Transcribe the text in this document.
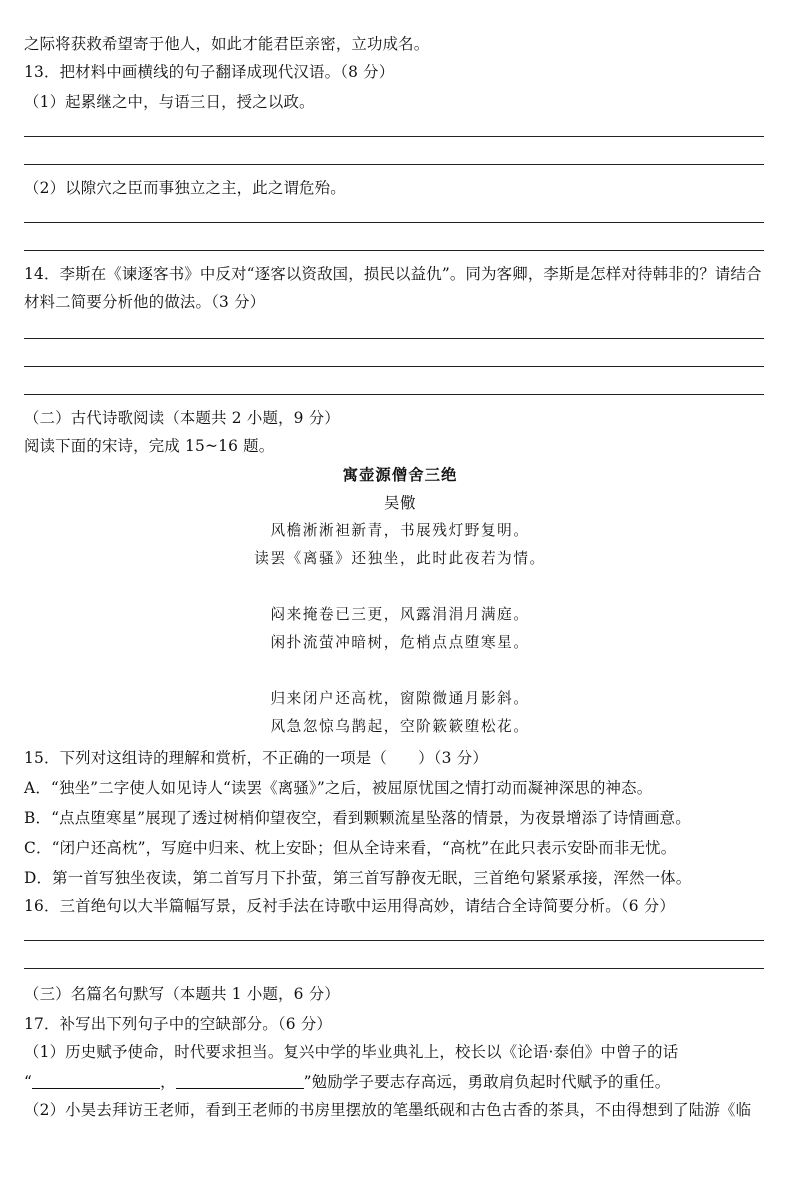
之际将获救希望寄于他人，如此才能君臣亲密，立功成名。
13．把材料中画横线的句子翻译成现代汉语。（8 分）
（1）起累继之中，与语三日，授之以政。
（2）以隙穴之臣而事独立之主，此之谓危殆。
14．李斯在《谏逐客书》中反对“逐客以资敌国，损民以益仇”。同为客卿，李斯是怎样对待韩非的？请结合
材料二简要分析他的做法。（3 分）
（二）古代诗歌阅读（本题共 2 小题，9 分）
阅读下面的宋诗，完成 15~16 题。
寓壶源僧舍三绝
吴儆
风檐淅淅袒新青，书展残灯野复明。
读罢《离骚》还独坐，此时此夜若为情。
闷来掩卷已三更，风露涓涓月满庭。
闲扑流萤冲暗树，危梢点点堕寒星。
归来闭户还高枕，窗隙微通月影斜。
风急忽惊乌鹊起，空阶簌簌堕松花。
15．下列对这组诗的理解和赏析，不正确的一项是（　　）（3 分）
A．“独坐”二字使人如见诗人“读罢《离骚》”之后，被屈原忧国之情打动而凝神深思的神态。
B．“点点堕寒星”展现了透过树梢仰望夜空，看到颗颗流星坠落的情景，为夜景增添了诗情画意。
C．“闭户还高枕”，写庭中归来、枕上安卧；但从全诗来看，“高枕”在此只表示安卧而非无忧。
D．第一首写独坐夜读，第二首写月下扑萤，第三首写静夜无眠，三首绝句紧紧承接，浑然一体。
16．三首绝句以大半篇幅写景，反衬手法在诗歌中运用得高妙，请结合全诗简要分析。（6 分）
（三）名篇名句默写（本题共 1 小题，6 分）
17．补写出下列句子中的空缺部分。（6 分）
（1）历史赋予使命，时代要求担当。复兴中学的毕业典礼上，校长以《论语·泰伯》中曾子的话
“	，	”勉励学子要志存高远，勇敢肩负起时代赋予的重任。
（2）小昊去拜访王老师，看到王老师的书房里摆放的笔墨纸砚和古色古香的茶具，不由得想到了陆游《临
